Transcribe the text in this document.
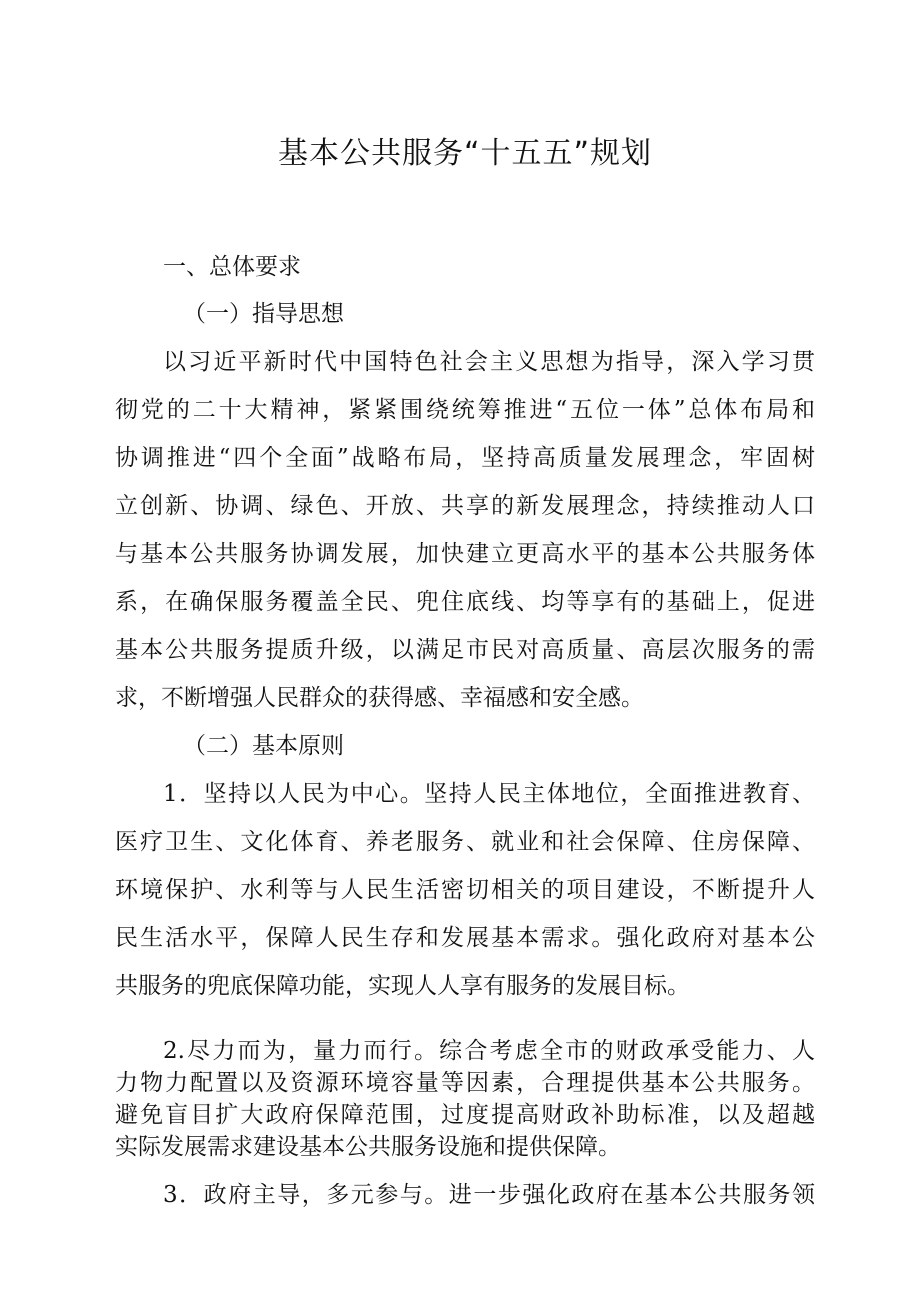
基本公共服务“十五五”规划
一、总体要求
（一）指导思想
以习近平新时代中国特色社会主义思想为指导，深入学习贯
彻党的二十大精神，紧紧围绕统筹推进“五位一体”总体布局和
协调推进“四个全面”战略布局，坚持高质量发展理念，牢固树
立创新、协调、绿色、开放、共享的新发展理念，持续推动人口
与基本公共服务协调发展，加快建立更高水平的基本公共服务体
系，在确保服务覆盖全民、兜住底线、均等享有的基础上，促进
基本公共服务提质升级，以满足市民对高质量、高层次服务的需
求，不断增强人民群众的获得感、幸福感和安全感。
（二）基本原则
1．坚持以人民为中心。坚持人民主体地位，全面推进教育、
医疗卫生、文化体育、养老服务、就业和社会保障、住房保障、
环境保护、水利等与人民生活密切相关的项目建设，不断提升人
民生活水平，保障人民生存和发展基本需求。强化政府对基本公
共服务的兜底保障功能，实现人人享有服务的发展目标。
2.尽力而为，量力而行。综合考虑全市的财政承受能力、人
力物力配置以及资源环境容量等因素，合理提供基本公共服务。
避免盲目扩大政府保障范围，过度提高财政补助标准，以及超越
实际发展需求建设基本公共服务设施和提供保障。
3．政府主导，多元参与。进一步强化政府在基本公共服务领
